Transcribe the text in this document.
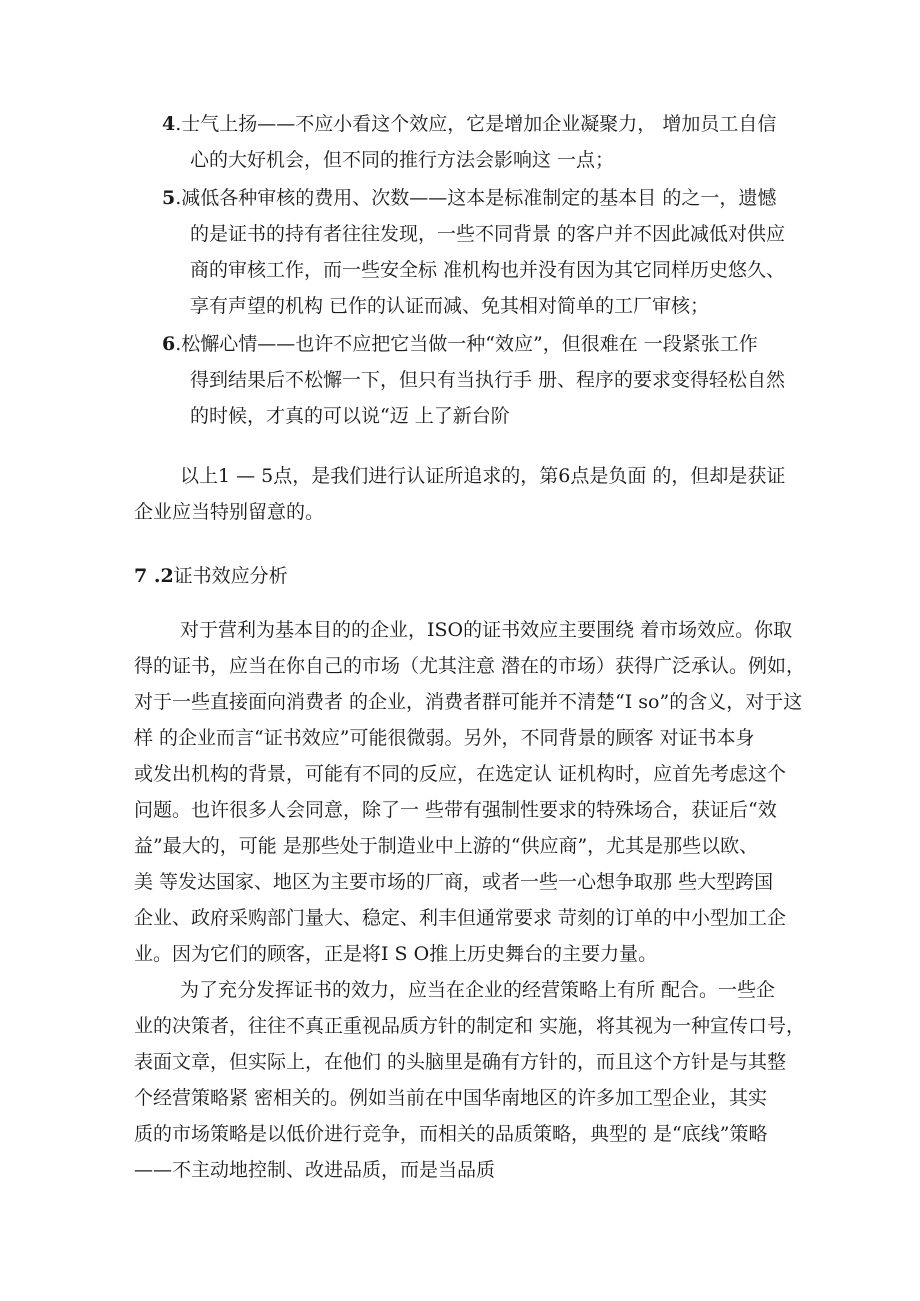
4.士气上扬——不应小看这个效应，它是增加企业凝聚力， 增加员工自信
心的大好机会，但不同的推行方法会影响这 一点；
5.减低各种审核的费用、次数——这本是标准制定的基本目 的之一，遗憾
的是证书的持有者往往发现，一些不同背景 的客户并不因此减低对供应
商的审核工作，而一些安全标 准机构也并没有因为其它同样历史悠久、
享有声望的机构 已作的认证而减、免其相对简单的工厂审核；
6.松懈心情——也许不应把它当做一种“效应”，但很难在 一段紧张工作
得到结果后不松懈一下，但只有当执行手 册、程序的要求变得轻松自然
的时候，才真的可以说“迈 上了新台阶
以上1 — 5点，是我们进行认证所追求的，第6点是负面 的，但却是获证
企业应当特别留意的。
7 .2证书效应分析
对于营利为基本目的的企业，ISO的证书效应主要围绕 着市场效应。你取
得的证书，应当在你自己的市场（尤其注意 潜在的市场）获得广泛承认。例如，
对于一些直接面向消费者 的企业，消费者群可能并不清楚“I so”的含义，对于这
样 的企业而言“证书效应”可能很微弱。另外，不同背景的顾客 对证书本身
或发出机构的背景，可能有不同的反应，在选定认 证机构时，应首先考虑这个
问题。也许很多人会同意，除了一 些带有强制性要求的特殊场合，获证后“效
益”最大的，可能 是那些处于制造业中上游的“供应商”，尤其是那些以欧、
美 等发达国家、地区为主要市场的厂商，或者一些一心想争取那 些大型跨国
企业、政府采购部门量大、稳定、利丰但通常要求 苛刻的订单的中小型加工企
业。因为它们的顾客，正是将I S O推上历史舞台的主要力量。
为了充分发挥证书的效力，应当在企业的经营策略上有所 配合。一些企
业的决策者，往往不真正重视品质方针的制定和 实施，将其视为一种宣传口号，
表面文章，但实际上，在他们 的头脑里是确有方针的，而且这个方针是与其整
个经营策略紧 密相关的。例如当前在中国华南地区的许多加工型企业，其实
质的市场策略是以低价进行竞争，而相关的品质策略，典型的 是“底线”策略
——不主动地控制、改进品质，而是当品质
